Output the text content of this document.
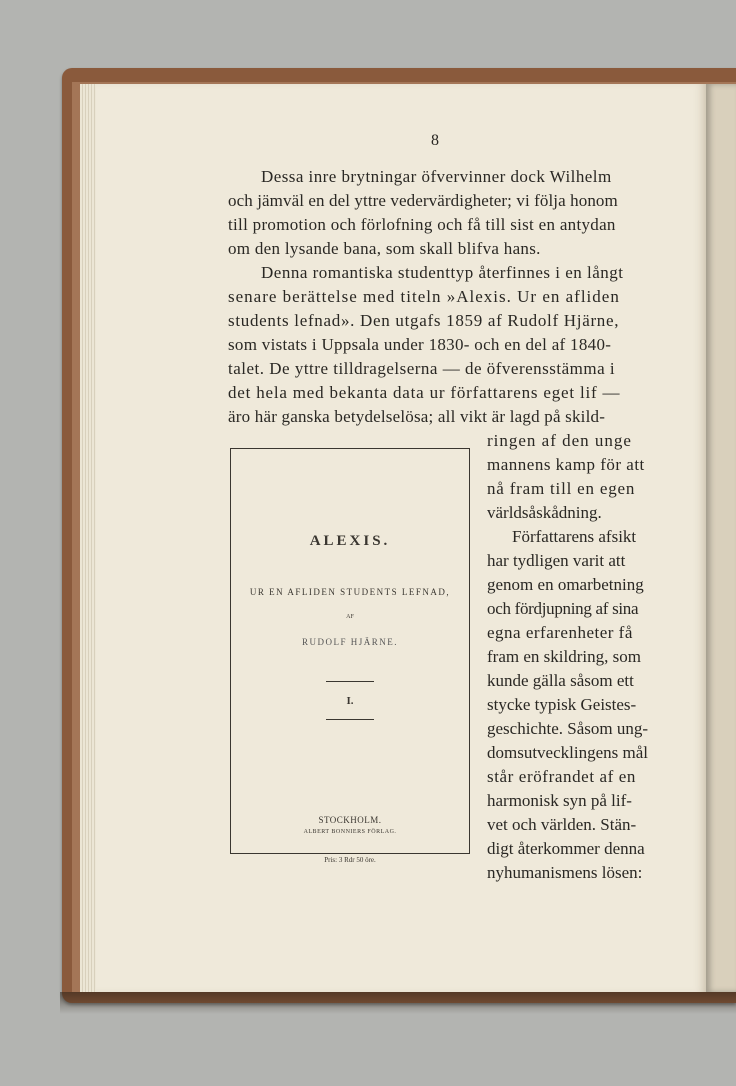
8
Dessa inre brytningar öfvervinner dock Wilhelm
och jämväl en del yttre vedervärdigheter; vi följa honom
till promotion och förlofning och få till sist en antydan
om den lysande bana, som skall blifva hans.
Denna romantiska studenttyp återfinnes i en långt
senare berättelse med titeln »Alexis. Ur en afliden
students lefnad». Den utgafs 1859 af Rudolf Hjärne,
som vistats i Uppsala under 1830- och en del af 1840-
talet. De yttre tilldragelserna — de öfverensstämma i
det hela med bekanta data ur författarens eget lif —
äro här ganska betydelselösa; all vikt är lagd på skild-
ringen af den unge
mannens kamp för att
nå fram till en egen
världsåskådning.
Författarens afsikt
har tydligen varit att
genom en omarbetning
och fördjupning af sina
egna erfarenheter få
fram en skildring, som
kunde gälla såsom ett
stycke typisk Geistes-
geschichte. Såsom ung-
domsutvecklingens mål
står eröfrandet af en
harmonisk syn på lif-
vet och världen. Stän-
digt återkommer denna
nyhumanismens lösen:
ALEXIS.
UR EN AFLIDEN STUDENTS LEFNAD,
AF
RUDOLF HJÄRNE.
I.
STOCKHOLM.
ALBERT BONNIERS FÖRLAG.
Pris: 3 Rdr 50 öre.
